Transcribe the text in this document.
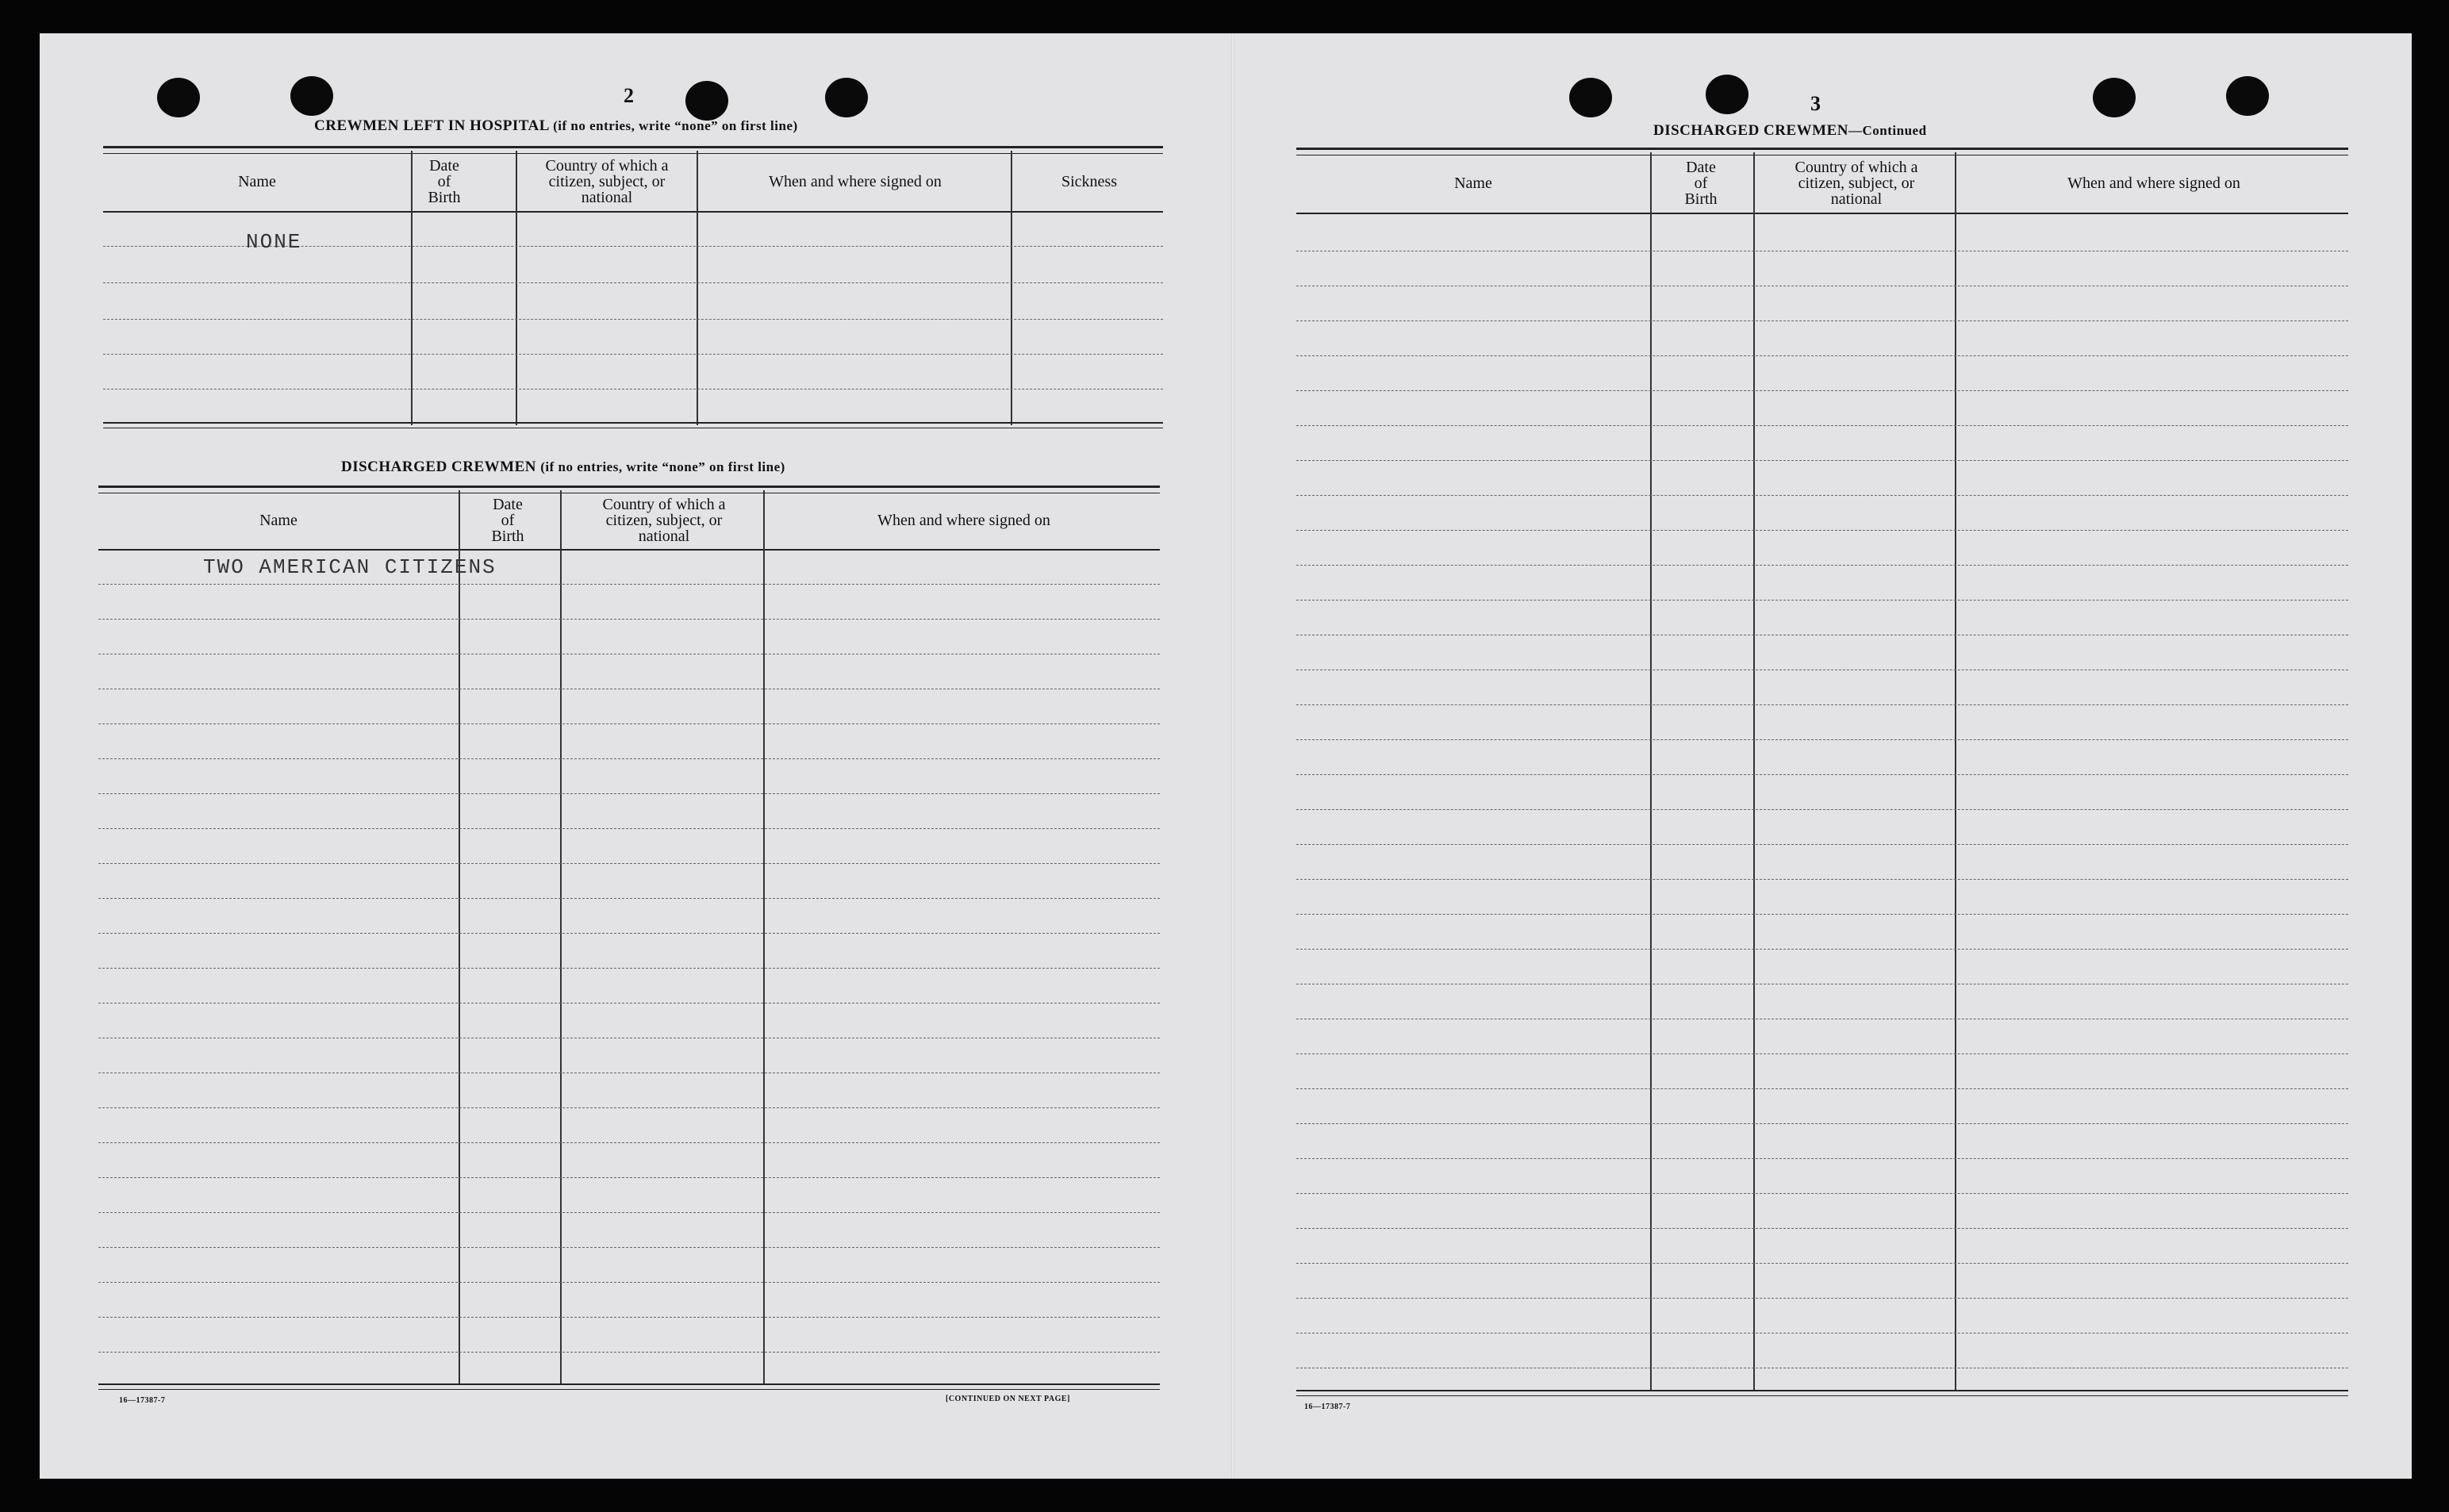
2
CREWMEN LEFT IN HOSPITAL (if no entries, write “none” on first line)
Name
Date
of
Birth
Country of which a
citizen, subject, or
national
When and where signed on	Sickness
NONE
DISCHARGED CREWMEN (if no entries, write “none” on first line)
Name
Date
of
Birth
Country of which a
citizen, subject, or
national
When and where signed on
TWO AMERICAN CITIZENS
16—17387-7	[CONTINUED ON NEXT PAGE]
3
DISCHARGED CREWMEN—Continued
Name
Date
of
Birth
Country of which a
citizen, subject, or
national
When and where signed on
16—17387-7
